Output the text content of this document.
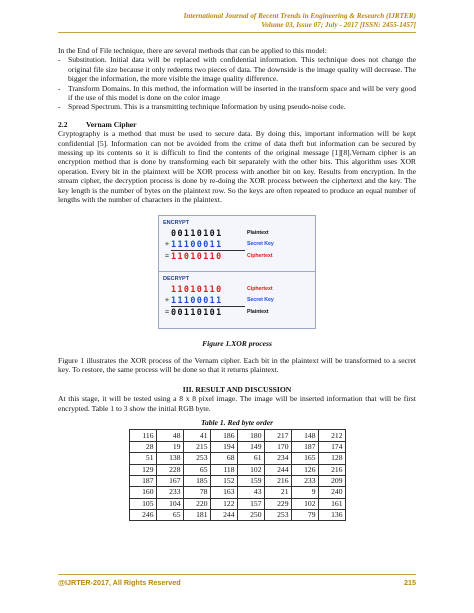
International Journal of Recent Trends in Engineering & Research (IJRTER)
Volume 03, Issue 07; July - 2017 [ISSN: 2455-1457]

In the End of File technique, there are several methods that can be applied to this model:

- Substitution. Initial data will be replaced with confidential information. This technique does not change the original file size because it only redeems two pieces of data. The downside is the image quality will decrease. The bigger the information, the more visible the image quality difference.
- Transform Domains. In this method, the information will be inserted in the transform space and will be very good if the use of this model is done on the color image
- Spread Spectrum. This is a transmitting technique Information by using pseudo-noise code.
2.2 Vernam Cipher

Cryptography is a method that must be used to secure data. By doing this, important information will be kept confidential [5]. Information can not be avoided from the crime of data theft but information can be secured by messing up its contents so it is difficult to find the contents of the original message [1][8].Vernam cipher is an encryption method that is done by transforming each bit separately with the other bits. This algorithm uses XOR operation. Every bit in the plaintext will be XOR process with another bit on key. Results from encryption. In the stream cipher, the decryption process is done by re-doing the XOR process between the ciphertext and the key. The key length is the number of bytes on the plaintext row. So the keys are often repeated to produce an equal number of lengths with the number of characters in the plaintext.

ENCRYPT
00110101	Plaintext
+ 11100011	Secret Key
= 11010110	Ciphertext
DECRYPT
11010110	Ciphertext
+ 11100011	Secret Key
= 00110101	Plaintext
Figure 1.XOR process

Figure 1 illustrates the XOR process of the Vernam cipher. Each bit in the plaintext will be transformed to a secret key. To restore, the same process will be done so that it returns plaintext.

III. RESULT AND DISCUSSION

At this stage, it will be tested using a 8 x 8 pixel image. The image will be inserted information that will be first encrypted. Table 1 to 3 show the initial RGB byte.

Table 1. Red byte order
116	48	41	186	180	217	148	212
28	19	215	194	149	170	187	174
51	138	253	68	61	234	165	128
129	228	65	118	102	244	126	216
187	167	185	152	159	216	233	209
160	233	78	163	43	21	9	240
105	104	220	122	157	229	102	161
246	65	181	244	250	253	79	136
@IJRTER-2017, All Rights Reserved	215
